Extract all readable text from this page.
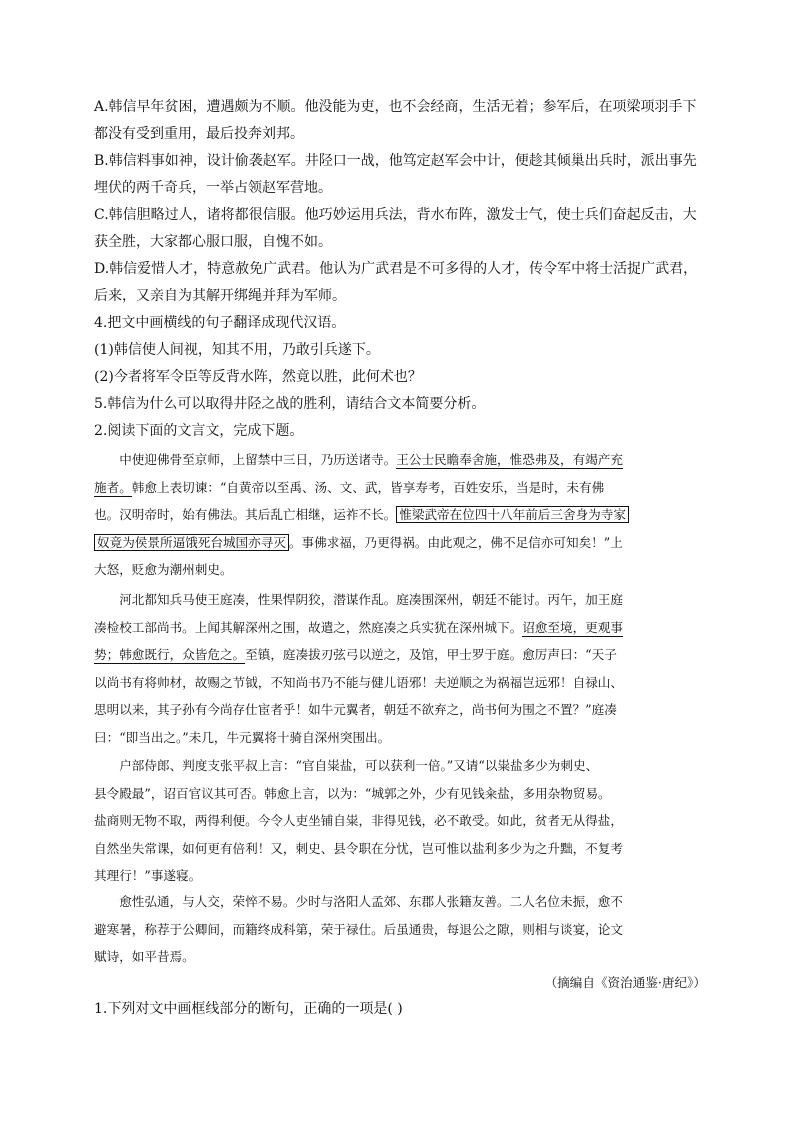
A.韩信早年贫困，遭遇颇为不顺。他没能为吏，也不会经商，生活无着；参军后，在项梁项羽手下
都没有受到重用，最后投奔刘邦。
B.韩信料事如神，设计偷袭赵军。井陉口一战，他笃定赵军会中计，便趁其倾巢出兵时，派出事先
埋伏的两千奇兵，一举占领赵军营地。
C.韩信胆略过人，诸将都很信服。他巧妙运用兵法，背水布阵，激发士气，使士兵们奋起反击，大
获全胜，大家都心服口服，自愧不如。
D.韩信爱惜人才，特意赦免广武君。他认为广武君是不可多得的人才，传令军中将士活捉广武君，
后来，又亲自为其解开绑绳并拜为军师。
4.把文中画横线的句子翻译成现代汉语。
(1)韩信使人间视，知其不用，乃敢引兵遂下。
(2)今者将军令臣等反背水阵，然竟以胜，此何术也？
5.韩信为什么可以取得井陉之战的胜利，请结合文本简要分析。
2.阅读下面的文言文，完成下题。
中使迎佛骨至京师，上留禁中三日，乃历送诸寺。王公士民瞻奉舍施，惟恐弗及，有竭产充
施者。韩愈上表切谏：“自黄帝以至禹、汤、文、武，皆享寿考，百姓安乐，当是时，未有佛
也。汉明帝时，始有佛法。其后乱亡相继，运祚不长。 惟梁武帝在位四十八年前后三舍身为寺家
奴竟为侯景所逼饿死台城国亦寻灭 。事佛求福，乃更得祸。由此观之，佛不足信亦可知矣！”上
大怒，贬愈为潮州刺史。
河北都知兵马使王庭凑，性果悍阴狡，潜谋作乱。庭凑围深州，朝廷不能讨。丙午，加王庭
凑检校工部尚书。上闻其解深州之围，故遣之，然庭凑之兵实犹在深州城下。诏愈至境，更观事
势；韩愈既行，众皆危之。至镇，庭凑拔刃弦弓以逆之，及馆，甲士罗于庭。愈厉声曰：“天子
以尚书有将帅材，故赐之节钺，不知尚书乃不能与健儿语邪！夫逆顺之为祸福岂远邪！自禄山、
思明以来，其子孙有今尚存仕宦者乎！如牛元翼者，朝廷不欲弃之，尚书何为围之不置？”庭凑
曰：“即当出之。”未几，牛元翼将十骑自深州突围出。
户部侍郎、判度支张平叔上言：“官自粜盐，可以获利一倍。”又请“以粜盐多少为刺史、
县令殿最”，诏百官议其可否。韩愈上言，以为：“城郭之外，少有见钱籴盐，多用杂物贸易。
盐商则无物不取，两得利便。今令人吏坐铺自粜，非得见钱，必不敢受。如此，贫者无从得盐，
自然坐失常课，如何更有倍利！又，刺史、县令职在分忧，岂可惟以盐利多少为之升黜，不复考
其理行！”事遂寝。
愈性弘通，与人交，荣悴不易。少时与洛阳人孟郊、东郡人张籍友善。二人名位未振，愈不
避寒暑，称荐于公卿间，而籍终成科第，荣于禄仕。后虽通贵，每退公之隙，则相与谈宴，论文
赋诗，如平昔焉。
（摘编自《资治通鉴·唐纪》）
1.下列对文中画框线部分的断句，正确的一项是( )
